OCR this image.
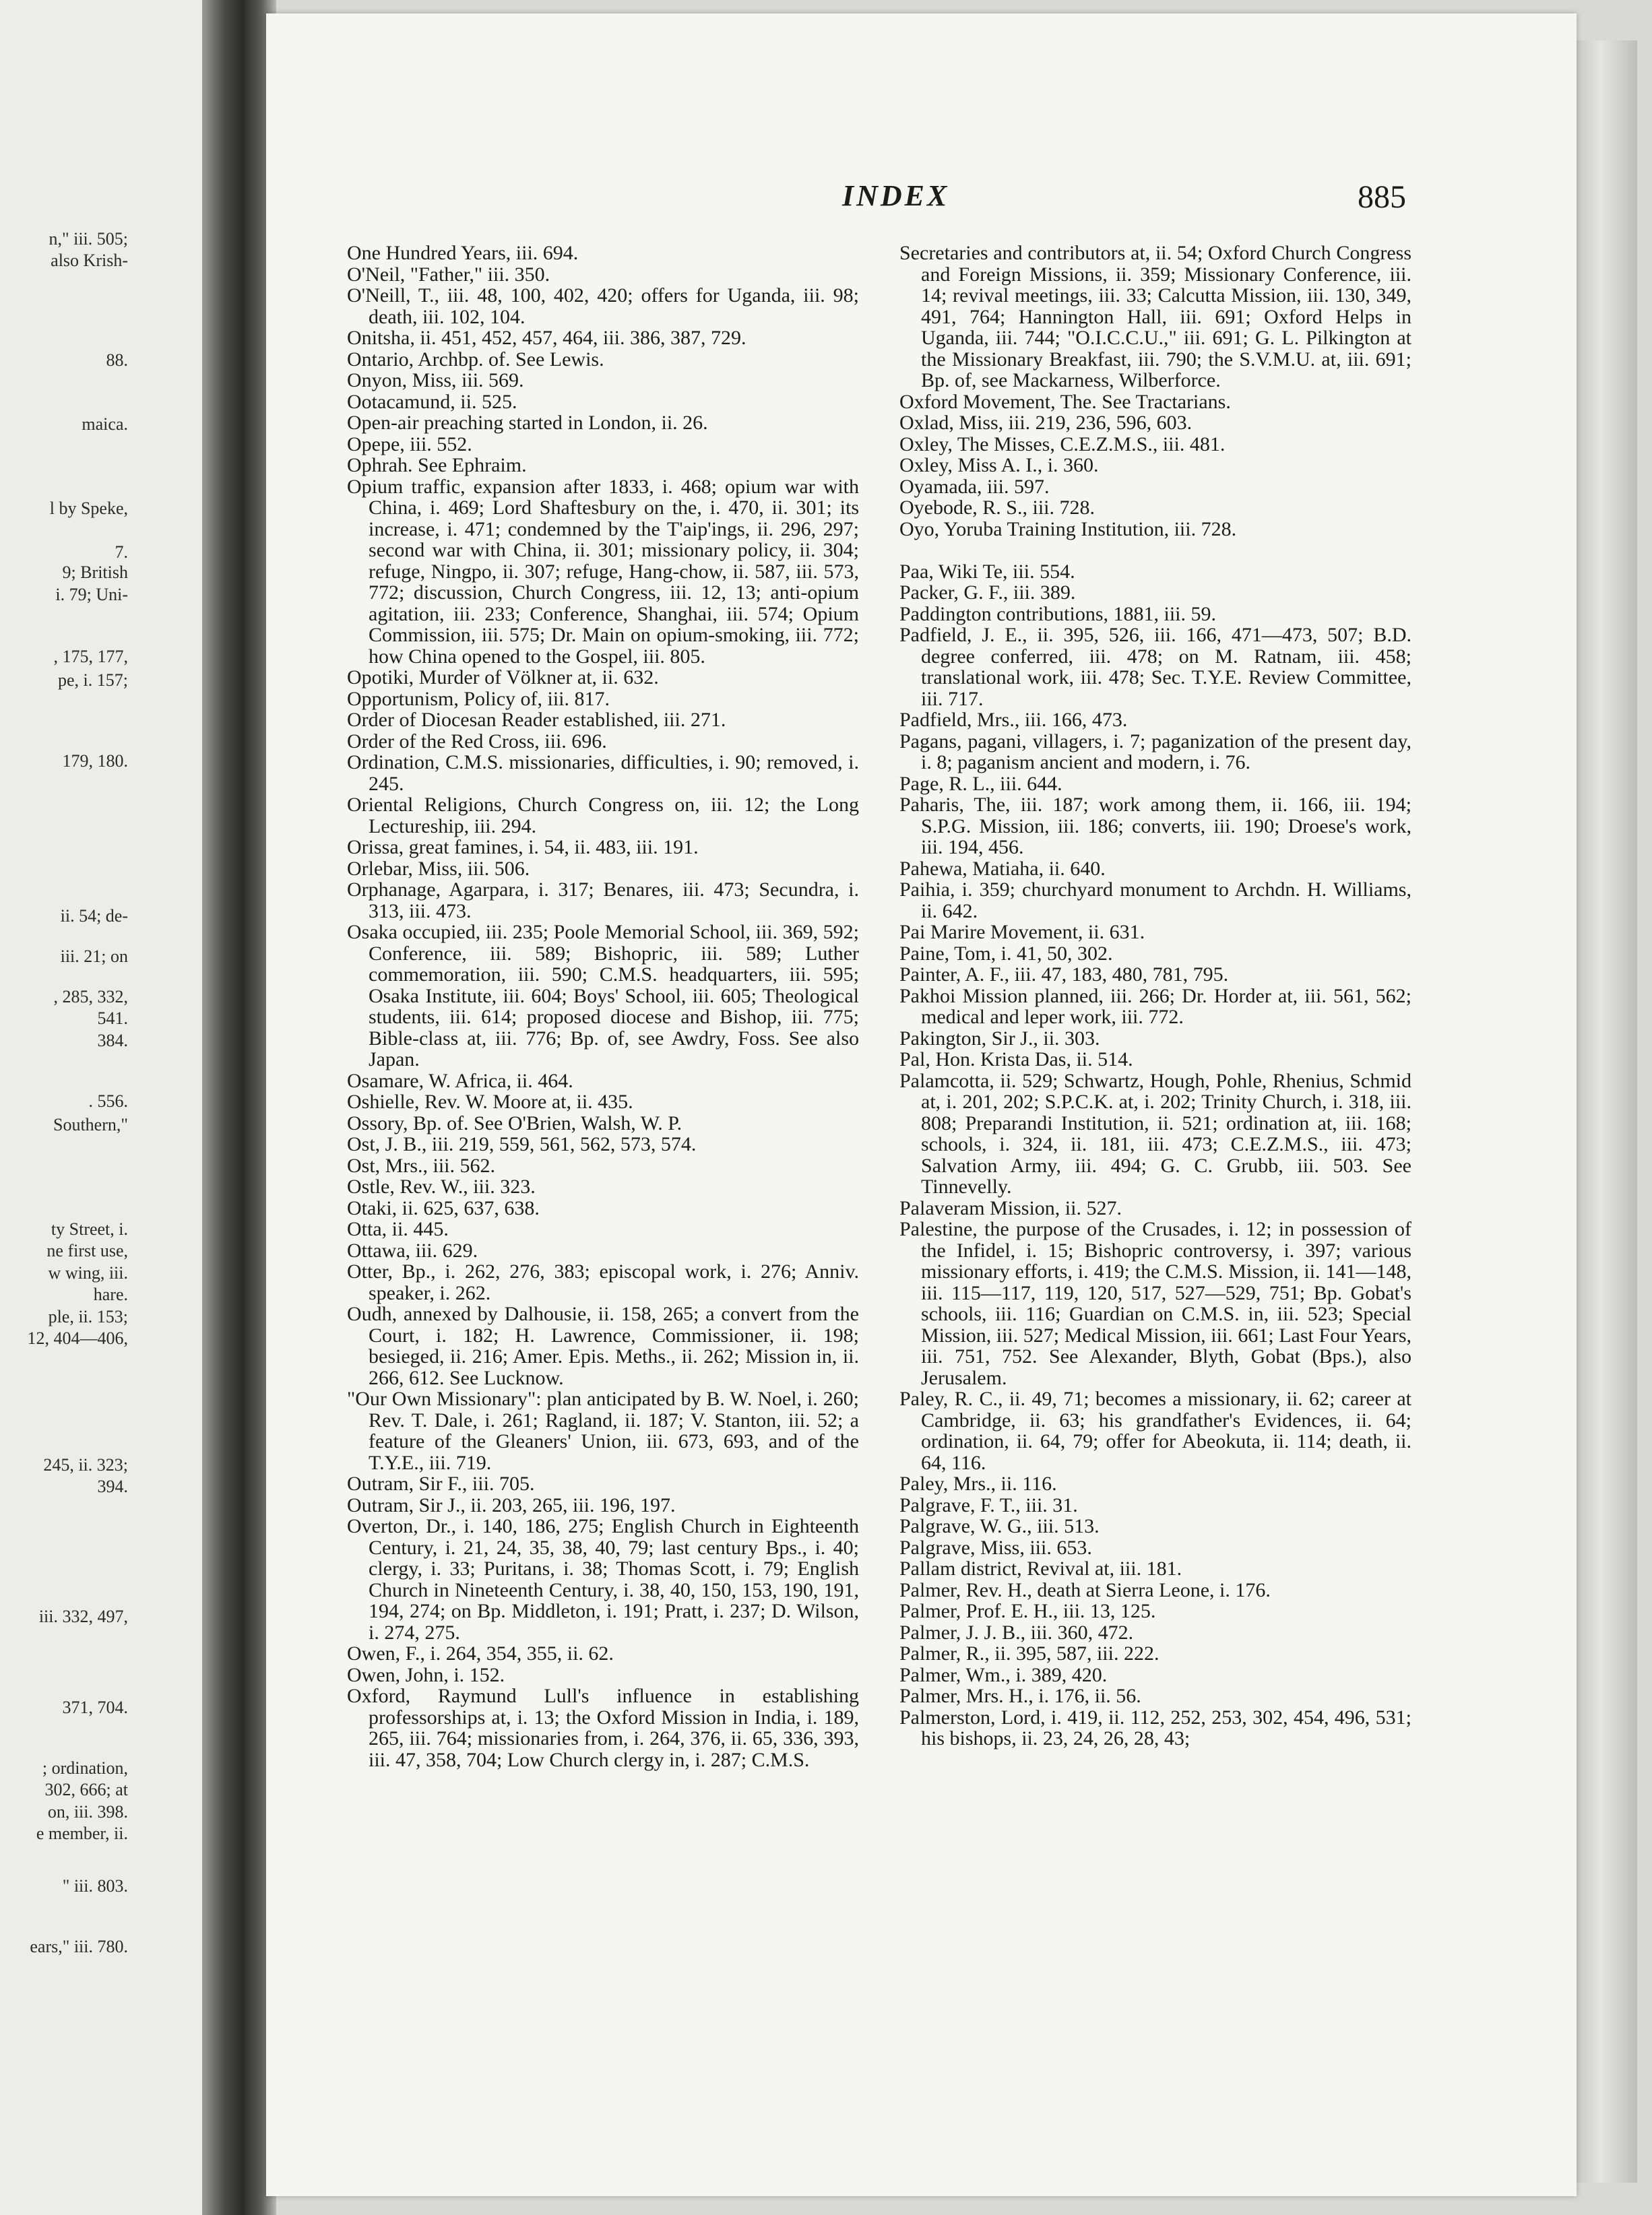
n," iii. 505;
also Krish-
88.
maica.
l by Speke,
7.
9; British
i. 79; Uni-
, 175, 177,
pe, i. 157;
179, 180.
ii. 54; de-
iii. 21; on
, 285, 332,
541.
384.
. 556.
Southern,"
ty Street, i.
ne first use,
w wing, iii.
hare.
ple, ii. 153;
12, 404—406,
245, ii. 323;
394.
iii. 332, 497,
371, 704.
; ordination,
302, 666; at
on, iii. 398.
e member, ii.
" iii. 803.
ears," iii. 780.
INDEX	885

One Hundred Years, iii. 694.

O'Neil, "Father," iii. 350.

O'Neill, T., iii. 48, 100, 402, 420; offers for Uganda, iii. 98; death, iii. 102, 104.

Onitsha, ii. 451, 452, 457, 464, iii. 386, 387, 729.

Ontario, Archbp. of. See Lewis.

Onyon, Miss, iii. 569.

Ootacamund, ii. 525.

Open-air preaching started in London, ii. 26.

Opepe, iii. 552.

Ophrah. See Ephraim.

Opium traffic, expansion after 1833, i. 468; opium war with China, i. 469; Lord Shaftesbury on the, i. 470, ii. 301; its increase, i. 471; condemned by the T'aip'ings, ii. 296, 297; second war with China, ii. 301; missionary policy, ii. 304; refuge, Ningpo, ii. 307; refuge, Hang-chow, ii. 587, iii. 573, 772; discussion, Church Congress, iii. 12, 13; anti-opium agitation, iii. 233; Conference, Shanghai, iii. 574; Opium Commission, iii. 575; Dr. Main on opium-smoking, iii. 772; how China opened to the Gospel, iii. 805.

Opotiki, Murder of Völkner at, ii. 632.

Opportunism, Policy of, iii. 817.

Order of Diocesan Reader established, iii. 271.

Order of the Red Cross, iii. 696.

Ordination, C.M.S. missionaries, difficulties, i. 90; removed, i. 245.

Oriental Religions, Church Congress on, iii. 12; the Long Lectureship, iii. 294.

Orissa, great famines, i. 54, ii. 483, iii. 191.

Orlebar, Miss, iii. 506.

Orphanage, Agarpara, i. 317; Benares, iii. 473; Secundra, i. 313, iii. 473.

Osaka occupied, iii. 235; Poole Memorial School, iii. 369, 592; Conference, iii. 589; Bishopric, iii. 589; Luther commemoration, iii. 590; C.M.S. headquarters, iii. 595; Osaka Institute, iii. 604; Boys' School, iii. 605; Theological students, iii. 614; proposed diocese and Bishop, iii. 775; Bible-class at, iii. 776; Bp. of, see Awdry, Foss. See also Japan.

Osamare, W. Africa, ii. 464.

Oshielle, Rev. W. Moore at, ii. 435.

Ossory, Bp. of. See O'Brien, Walsh, W. P.

Ost, J. B., iii. 219, 559, 561, 562, 573, 574.

Ost, Mrs., iii. 562.

Ostle, Rev. W., iii. 323.

Otaki, ii. 625, 637, 638.

Otta, ii. 445.

Ottawa, iii. 629.

Otter, Bp., i. 262, 276, 383; episcopal work, i. 276; Anniv. speaker, i. 262.

Oudh, annexed by Dalhousie, ii. 158, 265; a convert from the Court, i. 182; H. Lawrence, Commissioner, ii. 198; besieged, ii. 216; Amer. Epis. Meths., ii. 262; Mission in, ii. 266, 612. See Lucknow.

"Our Own Missionary": plan anticipated by B. W. Noel, i. 260; Rev. T. Dale, i. 261; Ragland, ii. 187; V. Stanton, iii. 52; a feature of the Gleaners' Union, iii. 673, 693, and of the T.Y.E., iii. 719.

Outram, Sir F., iii. 705.

Outram, Sir J., ii. 203, 265, iii. 196, 197.

Overton, Dr., i. 140, 186, 275; English Church in Eighteenth Century, i. 21, 24, 35, 38, 40, 79; last century Bps., i. 40; clergy, i. 33; Puritans, i. 38; Thomas Scott, i. 79; English Church in Nineteenth Century, i. 38, 40, 150, 153, 190, 191, 194, 274; on Bp. Middleton, i. 191; Pratt, i. 237; D. Wilson, i. 274, 275.

Owen, F., i. 264, 354, 355, ii. 62.

Owen, John, i. 152.

Oxford, Raymund Lull's influence in establishing professorships at, i. 13; the Oxford Mission in India, i. 189, 265, iii. 764; missionaries from, i. 264, 376, ii. 65, 336, 393, iii. 47, 358, 704; Low Church clergy in, i. 287; C.M.S.

Secretaries and contributors at, ii. 54; Oxford Church Congress and Foreign Missions, ii. 359; Missionary Conference, iii. 14; revival meetings, iii. 33; Calcutta Mission, iii. 130, 349, 491, 764; Hannington Hall, iii. 691; Oxford Helps in Uganda, iii. 744; "O.I.C.C.U.," iii. 691; G. L. Pilkington at the Missionary Breakfast, iii. 790; the S.V.M.U. at, iii. 691; Bp. of, see Mackarness, Wilberforce.

Oxford Movement, The. See Tractarians.

Oxlad, Miss, iii. 219, 236, 596, 603.

Oxley, The Misses, C.E.Z.M.S., iii. 481.

Oxley, Miss A. I., i. 360.

Oyamada, iii. 597.

Oyebode, R. S., iii. 728.

Oyo, Yoruba Training Institution, iii. 728.

Paa, Wiki Te, iii. 554.

Packer, G. F., iii. 389.

Paddington contributions, 1881, iii. 59.

Padfield, J. E., ii. 395, 526, iii. 166, 471—473, 507; B.D. degree conferred, iii. 478; on M. Ratnam, iii. 458; translational work, iii. 478; Sec. T.Y.E. Review Committee, iii. 717.

Padfield, Mrs., iii. 166, 473.

Pagans, pagani, villagers, i. 7; paganization of the present day, i. 8; paganism ancient and modern, i. 76.

Page, R. L., iii. 644.

Paharis, The, iii. 187; work among them, ii. 166, iii. 194; S.P.G. Mission, iii. 186; converts, iii. 190; Droese's work, iii. 194, 456.

Pahewa, Matiaha, ii. 640.

Paihia, i. 359; churchyard monument to Archdn. H. Williams, ii. 642.

Pai Marire Movement, ii. 631.

Paine, Tom, i. 41, 50, 302.

Painter, A. F., iii. 47, 183, 480, 781, 795.

Pakhoi Mission planned, iii. 266; Dr. Horder at, iii. 561, 562; medical and leper work, iii. 772.

Pakington, Sir J., ii. 303.

Pal, Hon. Krista Das, ii. 514.

Palamcotta, ii. 529; Schwartz, Hough, Pohle, Rhenius, Schmid at, i. 201, 202; S.P.C.K. at, i. 202; Trinity Church, i. 318, iii. 808; Preparandi Institution, ii. 521; ordination at, iii. 168; schools, i. 324, ii. 181, iii. 473; C.E.Z.M.S., iii. 473; Salvation Army, iii. 494; G. C. Grubb, iii. 503. See Tinnevelly.

Palaveram Mission, ii. 527.

Palestine, the purpose of the Crusades, i. 12; in possession of the Infidel, i. 15; Bishopric controversy, i. 397; various missionary efforts, i. 419; the C.M.S. Mission, ii. 141—148, iii. 115—117, 119, 120, 517, 527—529, 751; Bp. Gobat's schools, iii. 116; Guardian on C.M.S. in, iii. 523; Special Mission, iii. 527; Medical Mission, iii. 661; Last Four Years, iii. 751, 752. See Alexander, Blyth, Gobat (Bps.), also Jerusalem.

Paley, R. C., ii. 49, 71; becomes a missionary, ii. 62; career at Cambridge, ii. 63; his grandfather's Evidences, ii. 64; ordination, ii. 64, 79; offer for Abeokuta, ii. 114; death, ii. 64, 116.

Paley, Mrs., ii. 116.

Palgrave, F. T., iii. 31.

Palgrave, W. G., iii. 513.

Palgrave, Miss, iii. 653.

Pallam district, Revival at, iii. 181.

Palmer, Rev. H., death at Sierra Leone, i. 176.

Palmer, Prof. E. H., iii. 13, 125.

Palmer, J. J. B., iii. 360, 472.

Palmer, R., ii. 395, 587, iii. 222.

Palmer, Wm., i. 389, 420.

Palmer, Mrs. H., i. 176, ii. 56.

Palmerston, Lord, i. 419, ii. 112, 252, 253, 302, 454, 496, 531; his bishops, ii. 23, 24, 26, 28, 43;
